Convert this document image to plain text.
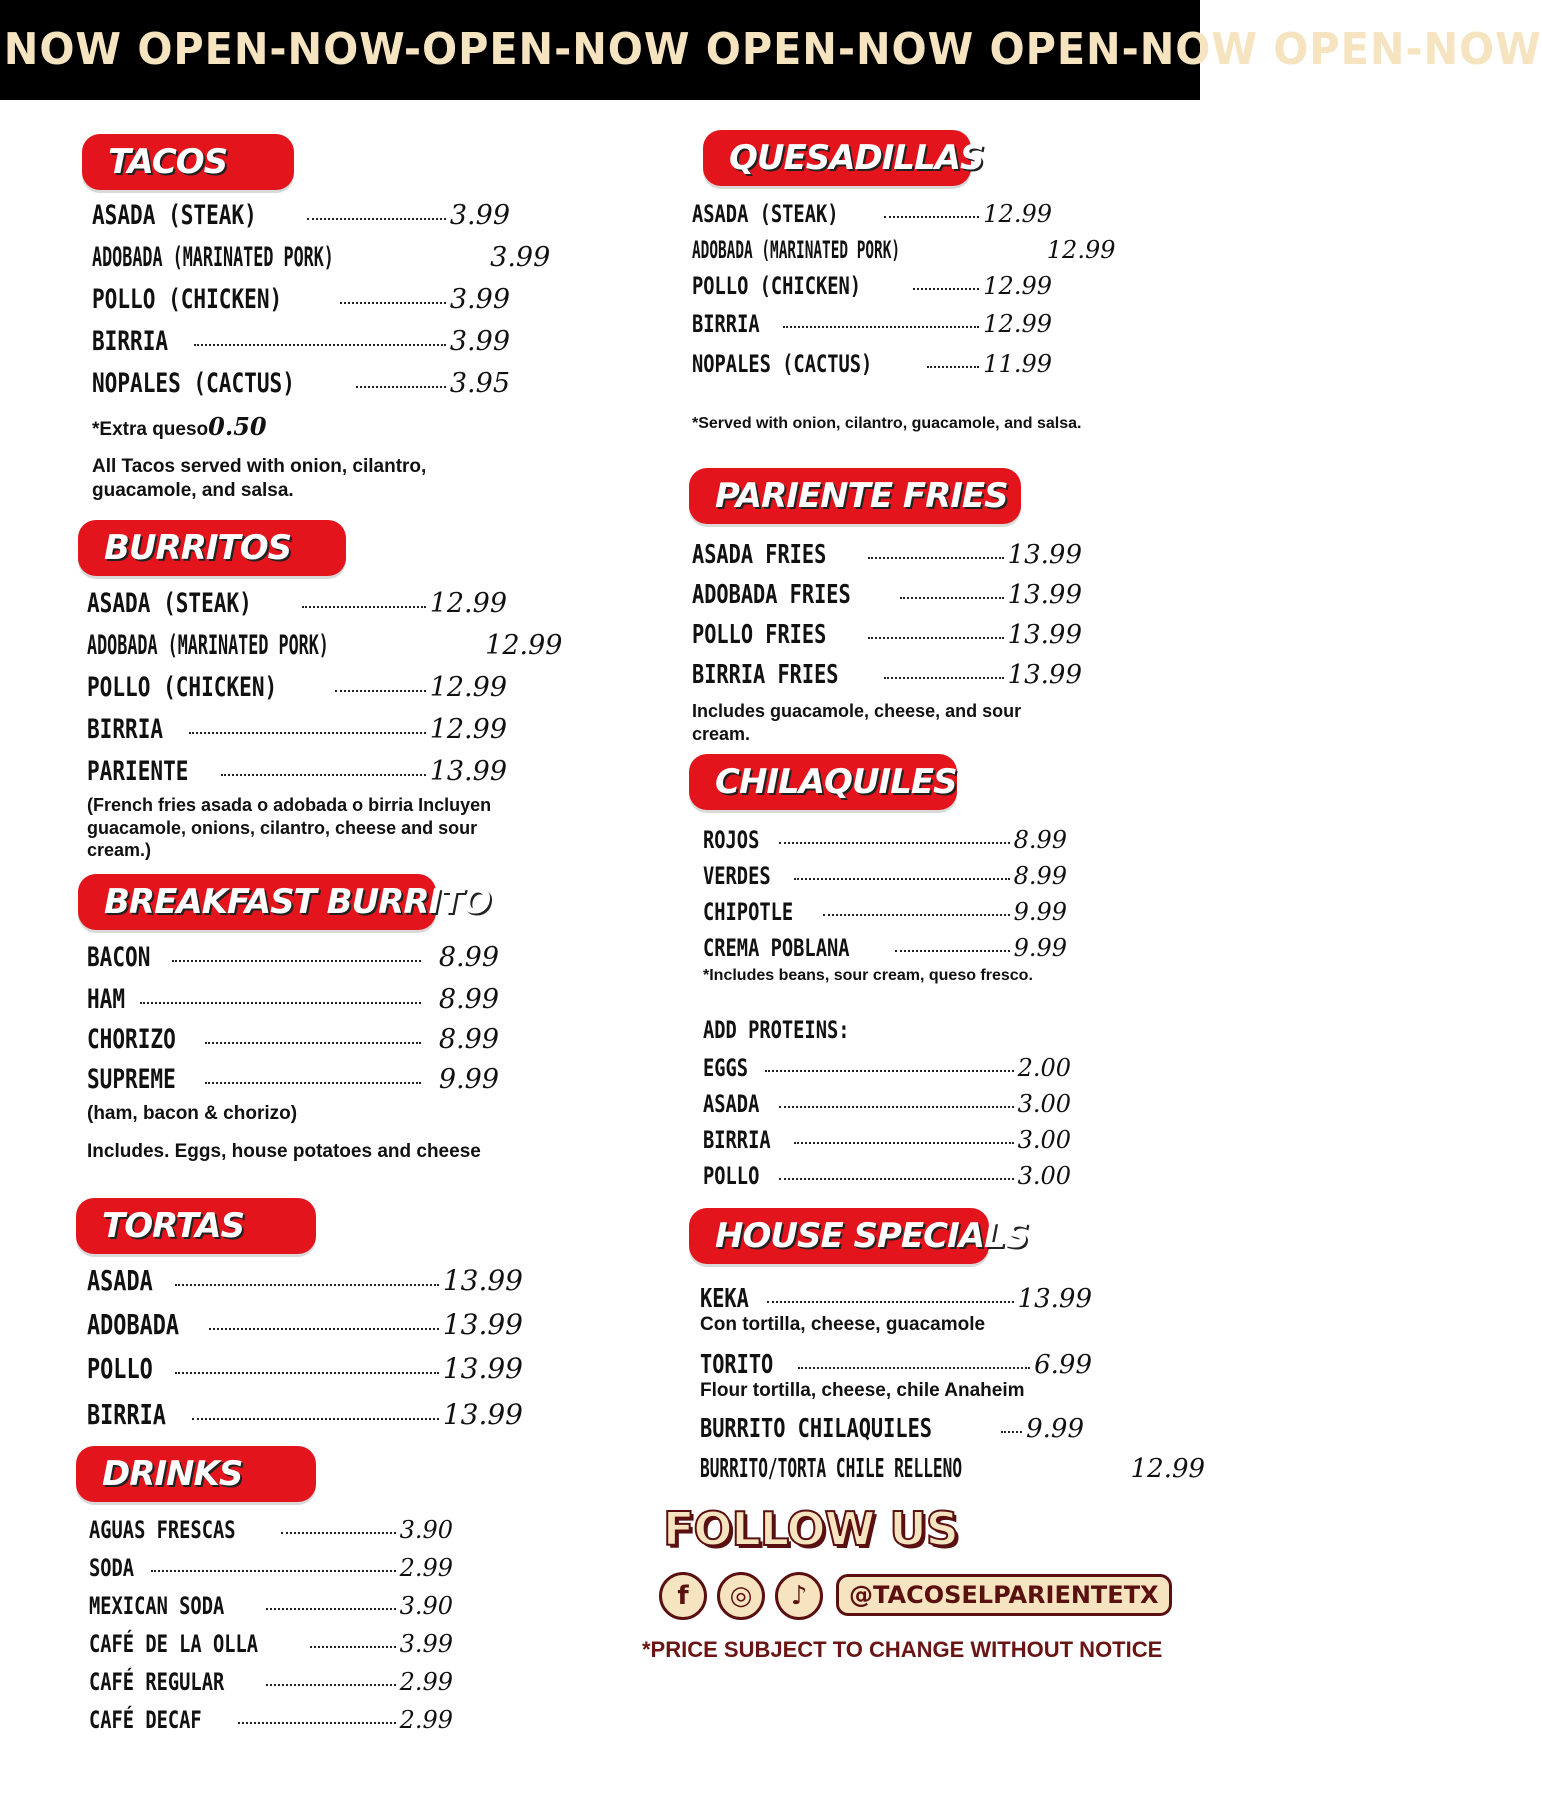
NOW OPEN-NOW-OPEN-NOW OPEN-NOW OPEN-NOW OPEN-NOW
TACOS
ASADA (STEAK)	3.99
ADOBADA (MARINATED PORK)	3.99
POLLO (CHICKEN)	3.99
BIRRIA	3.99
NOPALES (CACTUS)	3.95
*Extra queso0.50
All Tacos served with onion, cilantro, guacamole, and salsa.
BURRITOS
ASADA (STEAK)	12.99
ADOBADA (MARINATED PORK)	12.99
POLLO (CHICKEN)	12.99
BIRRIA	12.99
PARIENTE	13.99
(French fries asada o adobada o birria Incluyen guacamole, onions, cilantro, cheese and sour cream.)
BREAKFAST BURRITO
BACON	8.99
HAM	8.99
CHORIZO	8.99
SUPREME	9.99
(ham, bacon & chorizo)
Includes. Eggs, house potatoes and cheese
TORTAS
ASADA	13.99
ADOBADA	13.99
POLLO	13.99
BIRRIA	13.99
DRINKS
AGUAS FRESCAS	3.90
SODA	2.99
MEXICAN SODA	3.90
CAFÉ DE LA OLLA	3.99
CAFÉ REGULAR	2.99
CAFÉ DECAF	2.99
QUESADILLAS
ASADA (STEAK)	12.99
ADOBADA (MARINATED PORK)	12.99
POLLO (CHICKEN)	12.99
BIRRIA	12.99
NOPALES (CACTUS)	11.99
*Served with onion, cilantro, guacamole, and salsa.
PARIENTE FRIES
ASADA FRIES	13.99
ADOBADA FRIES	13.99
POLLO FRIES	13.99
BIRRIA FRIES	13.99
Includes guacamole, cheese, and sour cream.
CHILAQUILES
ROJOS	8.99
VERDES	8.99
CHIPOTLE	9.99
CREMA POBLANA	9.99
*Includes beans, sour cream, queso fresco.
ADD PROTEINS:
EGGS	2.00
ASADA	3.00
BIRRIA	3.00
POLLO	3.00
HOUSE SPECIALS
KEKA	13.99
Con tortilla, cheese, guacamole
TORITO	6.99
Flour tortilla, cheese, chile Anaheim
BURRITO CHILAQUILES	9.99
BURRITO/TORTA CHILE RELLENO	12.99
FOLLOW US
f	◎	♪	@TACOSELPARIENTETX
*PRICE SUBJECT TO CHANGE WITHOUT NOTICE
